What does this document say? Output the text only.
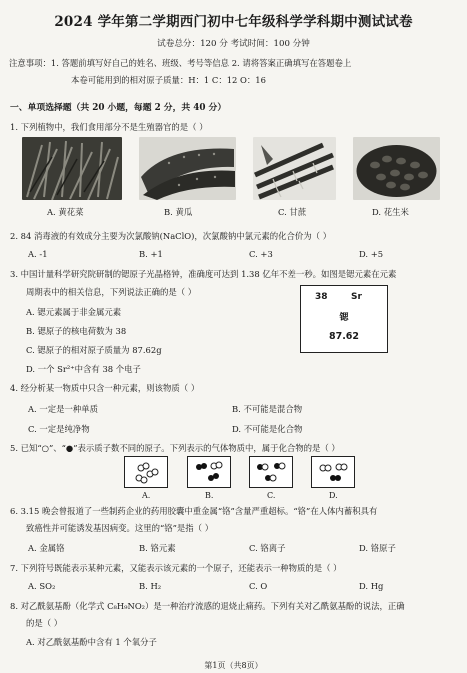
2024 学年第二学期西门初中七年级科学学科期中测试试卷
试卷总分：120 分 考试时间：100 分钟
注意事项：1. 答题前填写好自己的姓名、班级、考号等信息 2. 请将答案正确填写在答题卷上
本卷可能用到的相对原子质量：H：1 C：12 O：16
一、单项选择题（共 20 小题，每题 2 分，共 40 分）
1. 下列植物中，我们食用部分不是生殖器官的是（ ）
A. 黄花菜	B. 黄瓜	C. 甘蔗	D. 花生米
2. 84 消毒液的有效成分主要为次氯酸钠(NaClO)，次氯酸钠中氯元素的化合价为（ ）
A. -1	B. +1	C. +3	D. +5
3. 中国计量科学研究院研制的锶原子光晶格钟，准确度可达到 1.38 亿年不差一秒。如图是锶元素在元素
周期表中的相关信息，下列说法正确的是（ ）
A. 锶元素属于非金属元素
B. 锶原子的核电荷数为 38
C. 锶原子的相对原子质量为 87.62g
D. 一个 Sr²⁺中含有 38 个电子
38	Sr
锶
87.62
4. 经分析某一物质中只含一种元素，则该物质（ ）
A. 一定是一种单质	B. 不可能是混合物
C. 一定是纯净物	D. 不可能是化合物
5. 已知“○”、“●”表示质子数不同的原子。下列表示的气体物质中，属于化合物的是（ ）
A.	B.	C.	D.
6. 3.15 晚会曾报道了一些制药企业的药用胶囊中重金属“铬”含量严重超标。“铬”在人体内蓄积具有
致癌性并可能诱发基因病变。这里的“铬”是指（ ）
A. 金属铬	B. 铬元素	C. 铬离子	D. 铬原子
7. 下列符号既能表示某种元素，又能表示该元素的一个原子，还能表示一种物质的是（ ）
A. SO₂	B. H₂	C. O	D. Hg
8. 对乙酰氨基酚（化学式 C₈H₉NO₂）是一种治疗流感的退烧止痛药。下列有关对乙酰氨基酚的说法，正确
的是（ ）
A. 对乙酰氨基酚中含有 1 个氧分子
第1页（共8页）
